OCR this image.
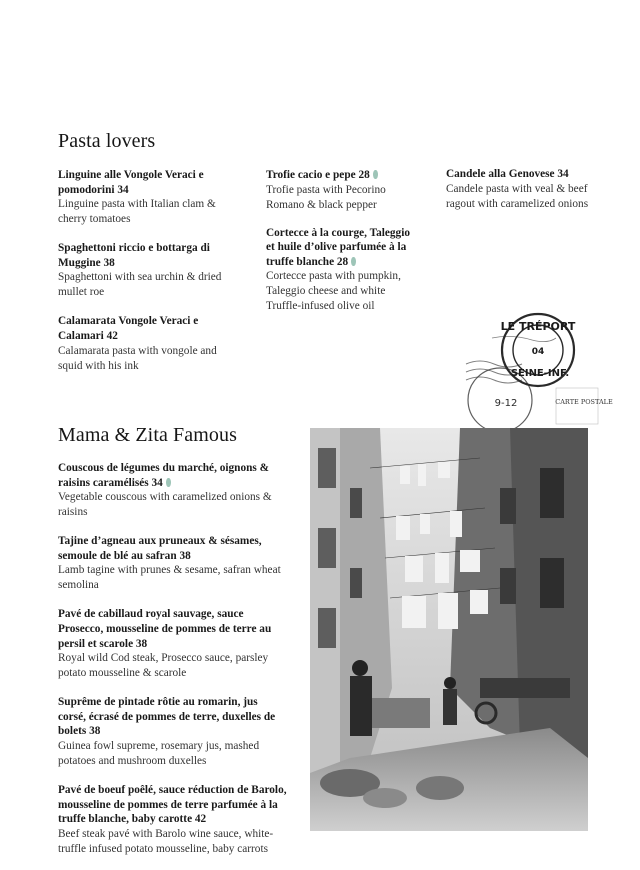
Pasta lovers
Linguine alle Vongole Veraci e pomodorini 34
Linguine pasta with Italian clam & cherry tomatoes
Spaghettoni riccio e bottarga di Muggine 38
Spaghettoni with sea urchin & dried mullet roe
Calamarata Vongole Veraci e Calamari 42
Calamarata pasta with vongole and squid with his ink
Trofie cacio e pepe 28
Trofie pasta with Pecorino Romano & black pepper
Cortecce à la courge, Taleggio et huile d’olive parfumée à la truffe blanche 28
Cortecce pasta with pumpkin, Taleggio cheese and white Truffle-infused olive oil
Candele alla Genovese 34
Candele pasta with veal & beef ragout with caramelized onions
LE TRÉPORT
04
SEINE-INF.
9-12	CARTE POSTALE
Mama & Zita Famous
Couscous de légumes du marché, oignons & raisins caramélisés 34
Vegetable couscous with caramelized onions & raisins
Tajine d’agneau aux pruneaux & sésames, semoule de blé au safran 38
Lamb tagine with prunes & sesame, safran wheat semolina
Pavé de cabillaud royal sauvage, sauce Prosecco, mousseline de pommes de terre au persil et scarole 38
Royal wild Cod steak, Prosecco sauce, parsley potato mousseline & scarole
Suprême de pintade rôtie au romarin, jus corsé, écrasé de pommes de terre, duxelles de bolets 38
Guinea fowl supreme, rosemary jus, mashed potatoes and mushroom duxelles
Pavé de boeuf poêlé, sauce réduction de Barolo, mousseline de pommes de terre parfumée à la truffe blanche, baby carotte 42
Beef steak pavé with Barolo wine sauce, white-truffle infused potato mousseline, baby carrots
